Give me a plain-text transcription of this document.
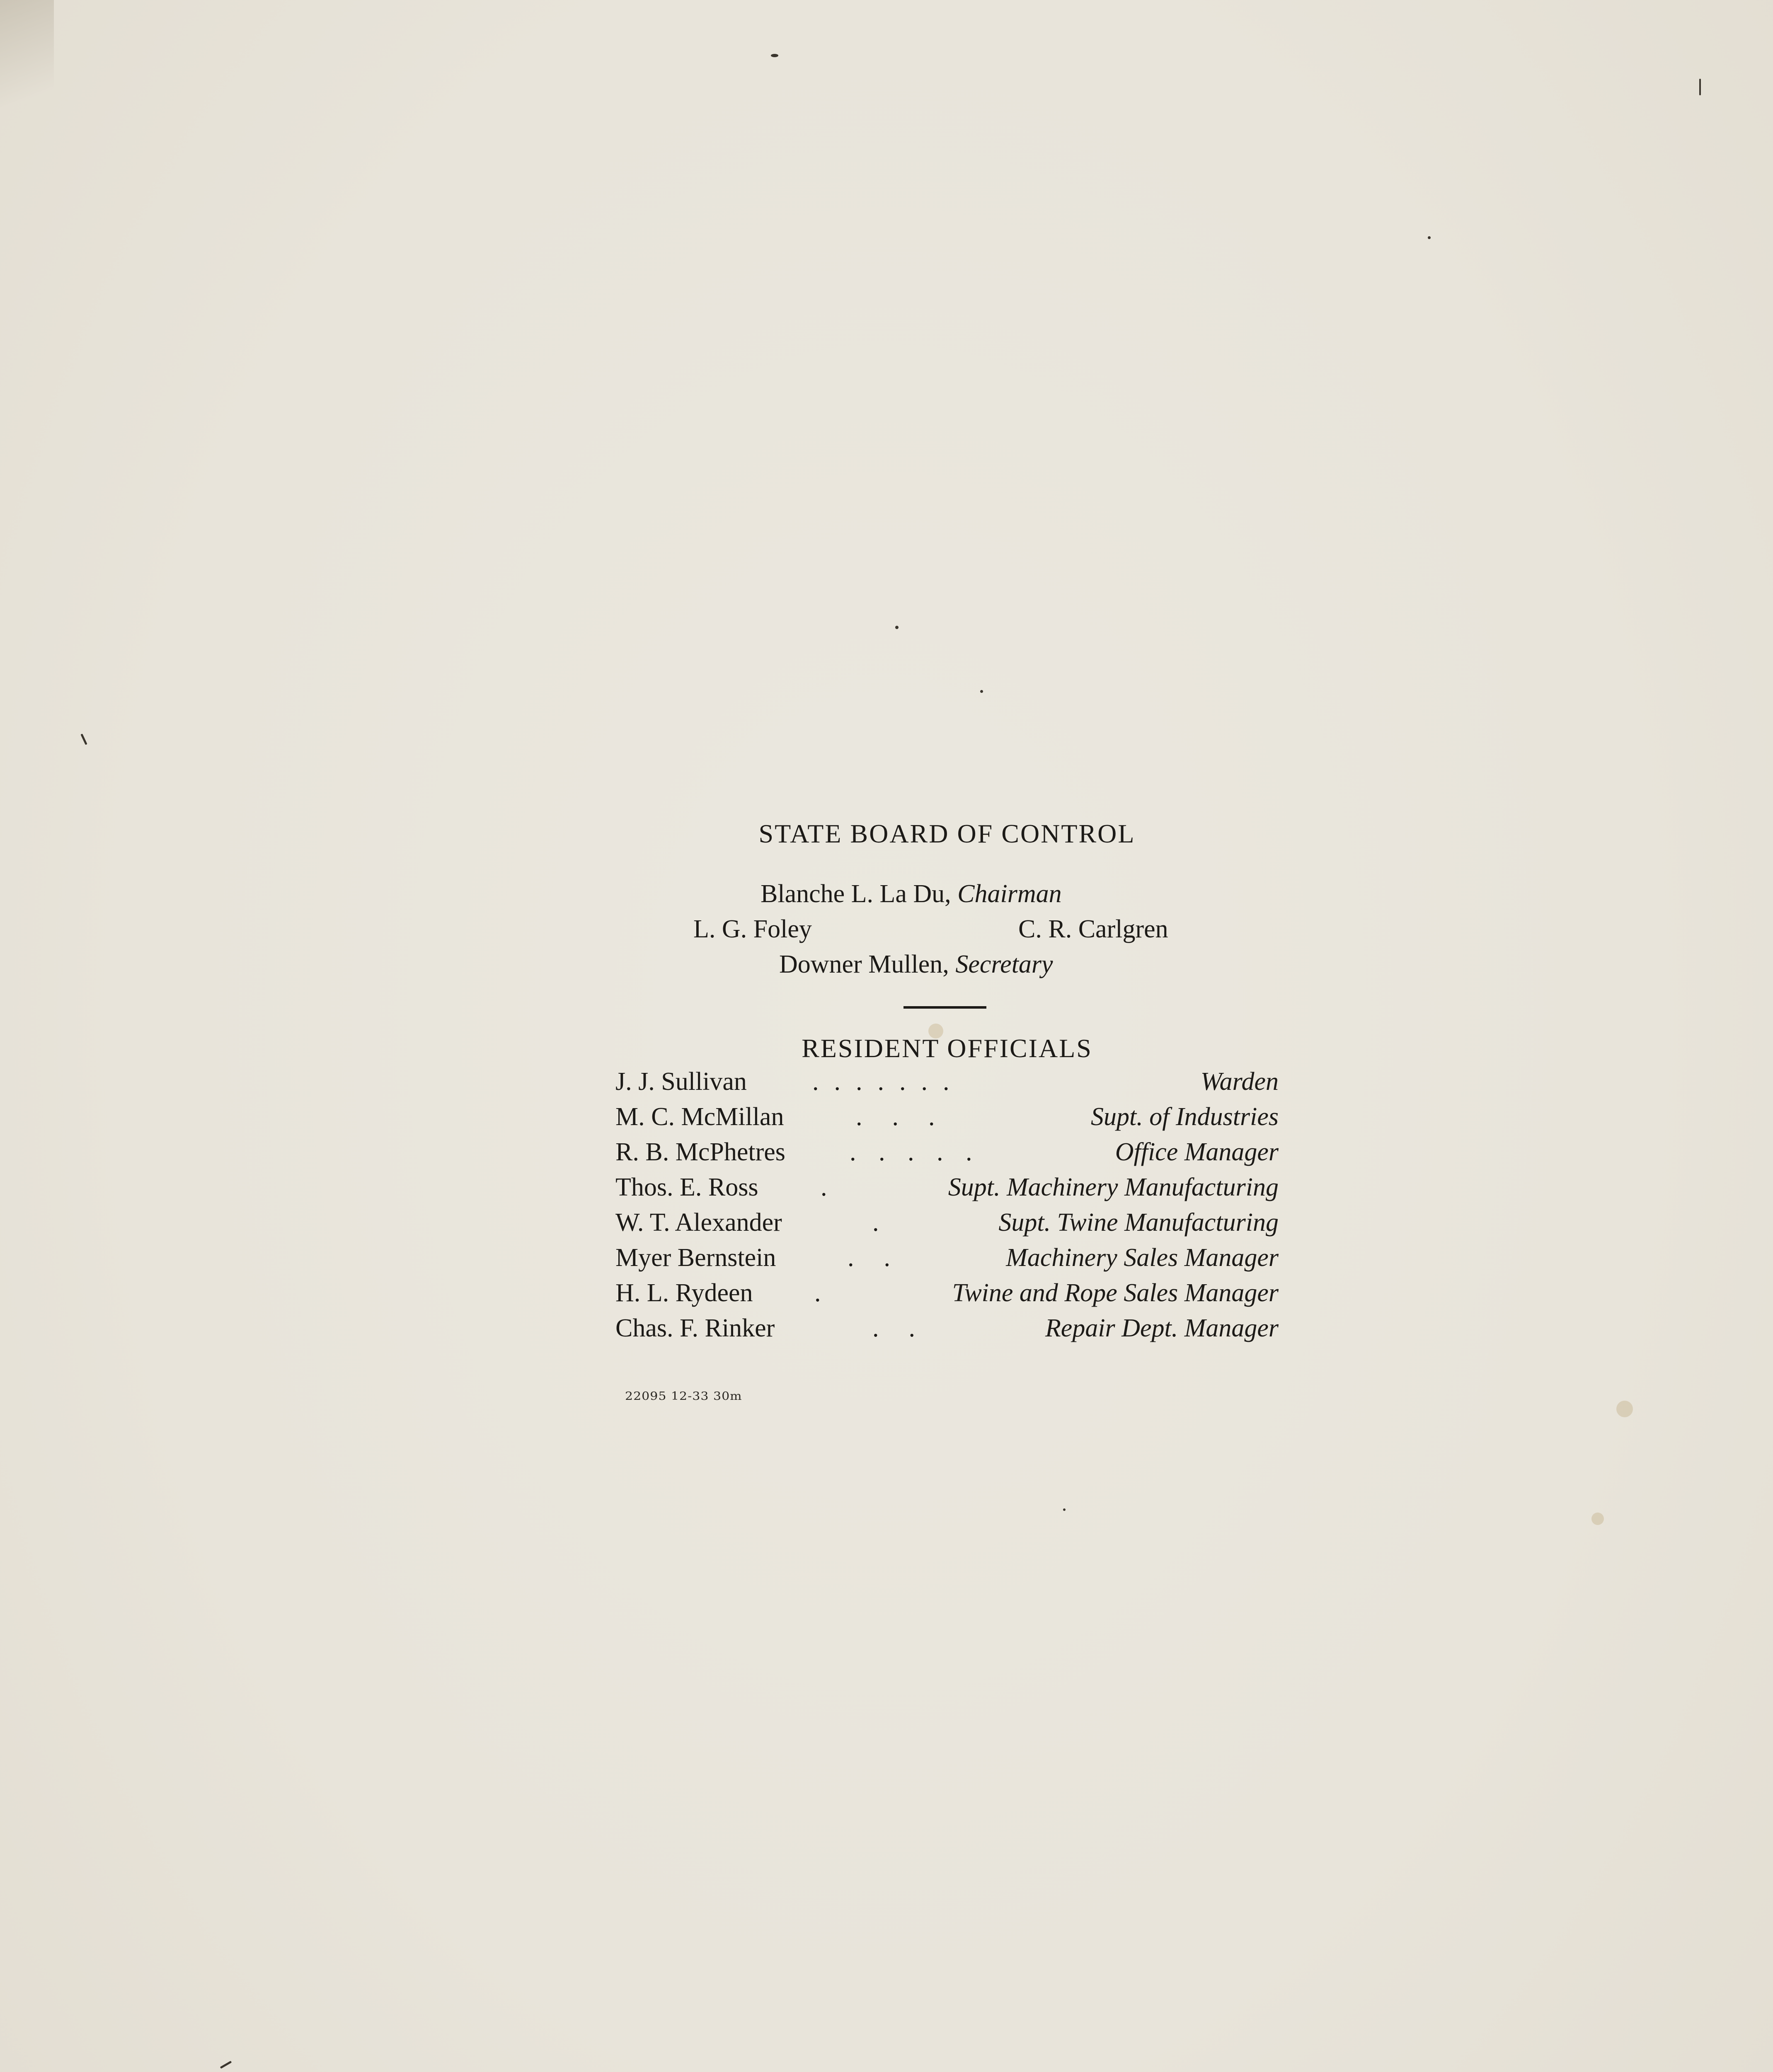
STATE BOARD OF CONTROL
Blanche L. La Du, Chairman
L. G. Foley	C. R. Carlgren
Downer Mullen, Secretary
RESIDENT OFFICIALS
J. J. Sullivan	.  .  .  .  .  .  .	Warden
M. C. McMillan	.    .    .	Supt. of Industries
R. B. McPhetres	.   .   .   .   .	Office Manager
Thos. E. Ross .	Supt. Machinery Manufacturing
W. T. Alexander	.	Supt. Twine Manufacturing
Myer Bernstein	.    .	Machinery Sales Manager
H. L. Rydeen .	Twine and Rope Sales Manager
Chas. F. Rinker	.    .	Repair Dept. Manager
22095 12-33 30m
